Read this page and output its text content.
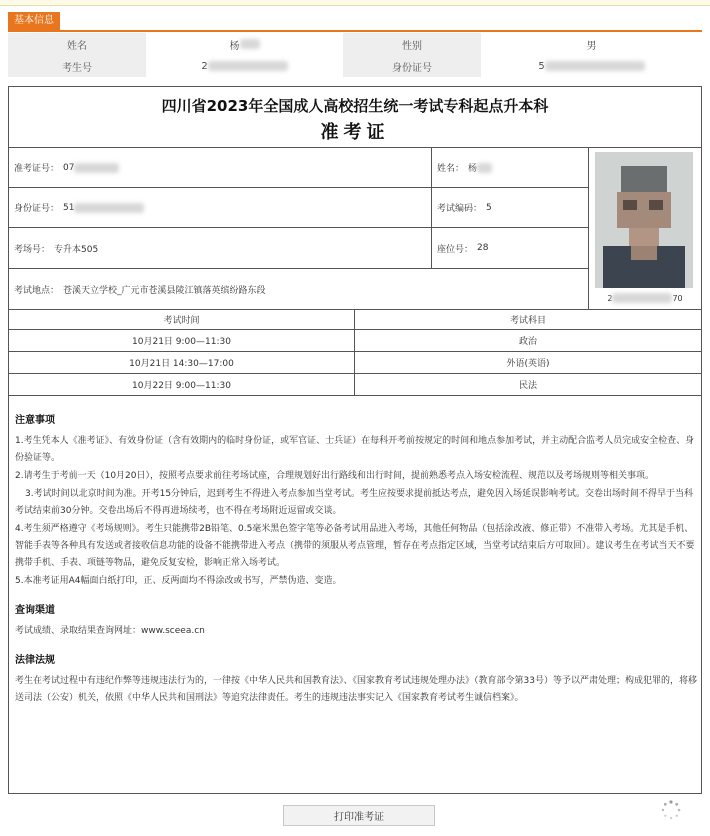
基本信息
姓名	杨	性别	男
考生号	2	身份证号	5
四川省2023年全国成人高校招生统一考试专科起点升本科
准考证
准考证号： 07	姓名： 杨
身份证号： 51	考试编码： 5
考场号： 专升本505	座位号： 28
考试地点： 苍溪天立学校_广元市苍溪县陵江镇落英缤纷路东段
2	70
考试时间	考试科目
10月21日 9:00—11:30	政治
10月21日 14:30—17:00	外语(英语)
10月22日 9:00—11:30	民法
注意事项

1.考生凭本人《准考证》、有效身份证（含有效期内的临时身份证，或军官证、士兵证）在每科开考前按规定的时间和地点参加考试，并主动配合监考人员完成安全检查、身份验证等。

2.请考生于考前一天（10月20日），按照考点要求前往考场试座，合理规划好出行路线和出行时间，提前熟悉考点入场安检流程、规范以及考场规则等相关事项。

3.考试时间以北京时间为准。开考15分钟后，迟到考生不得进入考点参加当堂考试。考生应按要求提前抵达考点，避免因入场延误影响考试。交卷出场时间不得早于当科考试结束前30分钟。交卷出场后不得再进场续考，也不得在考场附近逗留或交谈。

4.考生须严格遵守《考场规则》。考生只能携带2B铅笔、0.5毫米黑色签字笔等必备考试用品进入考场，其他任何物品（包括涂改液、修正带）不准带入考场。尤其是手机、智能手表等各种具有发送或者接收信息功能的设备不能携带进入考点（携带的须服从考点管理，暂存在考点指定区域，当堂考试结束后方可取回）。建议考生在考试当天不要携带手机、手表、项链等物品，避免反复安检，影响正常入场考试。

5.本准考证用A4幅面白纸打印，正、反两面均不得涂改或书写，严禁伪造、变造。

查询渠道

考试成绩、录取结果查询网址：www.sceea.cn

法律法规

考生在考试过程中有违纪作弊等违规违法行为的，一律按《中华人民共和国教育法》、《国家教育考试违规处理办法》（教育部令第33号）等予以严肃处理；构成犯罪的，将移送司法（公安）机关，依照《中华人民共和国刑法》等追究法律责任。考生的违规违法事实记入《国家教育考试考生诚信档案》。

打印准考证
